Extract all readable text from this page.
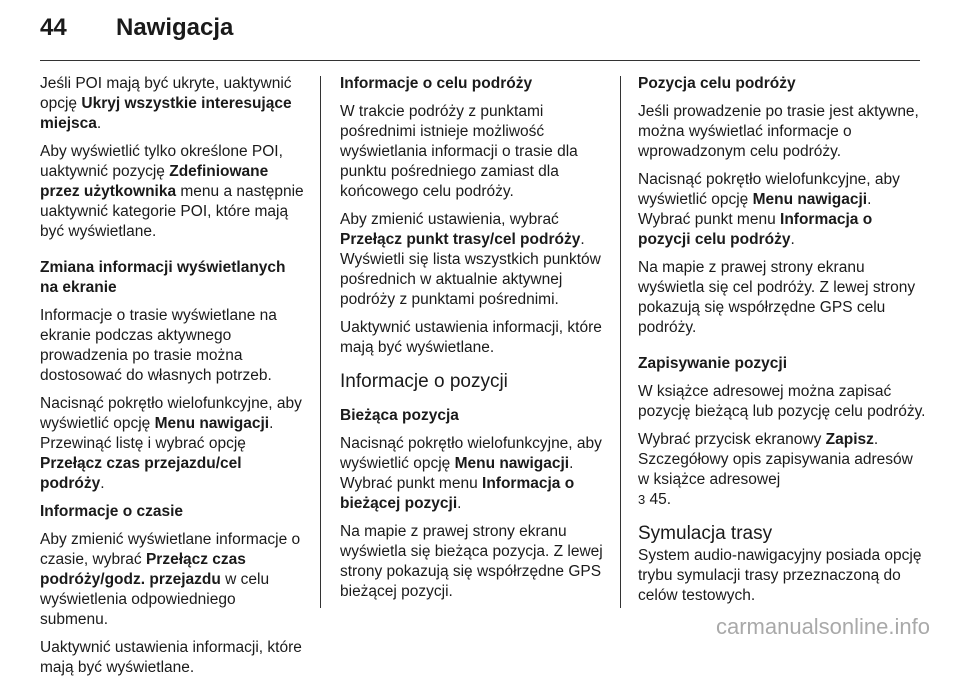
44	Nawigacja

Jeśli POI mają być ukryte, uaktywnić opcję Ukryj wszystkie interesujące miejsca.

Aby wyświetlić tylko określone POI, uaktywnić pozycję Zdefiniowane przez użytkownika menu a następnie uaktywnić kategorie POI, które mają być wyświetlane.

Zmiana informacji wyświetlanych na ekranie

Informacje o trasie wyświetlane na ekranie podczas aktywnego prowadzenia po trasie można dostosować do własnych potrzeb.

Nacisnąć pokrętło wielofunkcyjne, aby wyświetlić opcję Menu nawigacji. Przewinąć listę i wybrać opcję Przełącz czas przejazdu/cel podróży.

Informacje o czasie

Aby zmienić wyświetlane informacje o czasie, wybrać Przełącz czas podróży/godz. przejazdu w celu wyświetlenia odpowiedniego submenu.

Uaktywnić ustawienia informacji, które mają być wyświetlane.

Informacje o celu podróży

W trakcie podróży z punktami pośrednimi istnieje możliwość wyświetlania informacji o trasie dla punktu pośredniego zamiast dla końcowego celu podróży.

Aby zmienić ustawienia, wybrać Przełącz punkt trasy/cel podróży. Wyświetli się lista wszystkich punktów pośrednich w aktualnie aktywnej podróży z punktami pośrednimi.

Uaktywnić ustawienia informacji, które mają być wyświetlane.

Informacje o pozycji

Bieżąca pozycja

Nacisnąć pokrętło wielofunkcyjne, aby wyświetlić opcję Menu nawigacji. Wybrać punkt menu Informacja o bieżącej pozycji.

Na mapie z prawej strony ekranu wyświetla się bieżąca pozycja. Z lewej strony pokazują się współrzędne GPS bieżącej pozycji.

Pozycja celu podróży

Jeśli prowadzenie po trasie jest aktywne, można wyświetlać informacje o wprowadzonym celu podróży.

Nacisnąć pokrętło wielofunkcyjne, aby wyświetlić opcję Menu nawigacji. Wybrać punkt menu Informacja o pozycji celu podróży.

Na mapie z prawej strony ekranu wyświetla się cel podróży. Z lewej strony pokazują się współrzędne GPS celu podróży.

Zapisywanie pozycji

W książce adresowej można zapisać pozycję bieżącą lub pozycję celu podróży.

Wybrać przycisk ekranowy Zapisz. Szczegółowy opis zapisywania adresów w książce adresowej
3 45.

Symulacja trasy

System audio-nawigacyjny posiada opcję trybu symulacji trasy przeznaczoną do celów testowych.

carmanualsonline.info
